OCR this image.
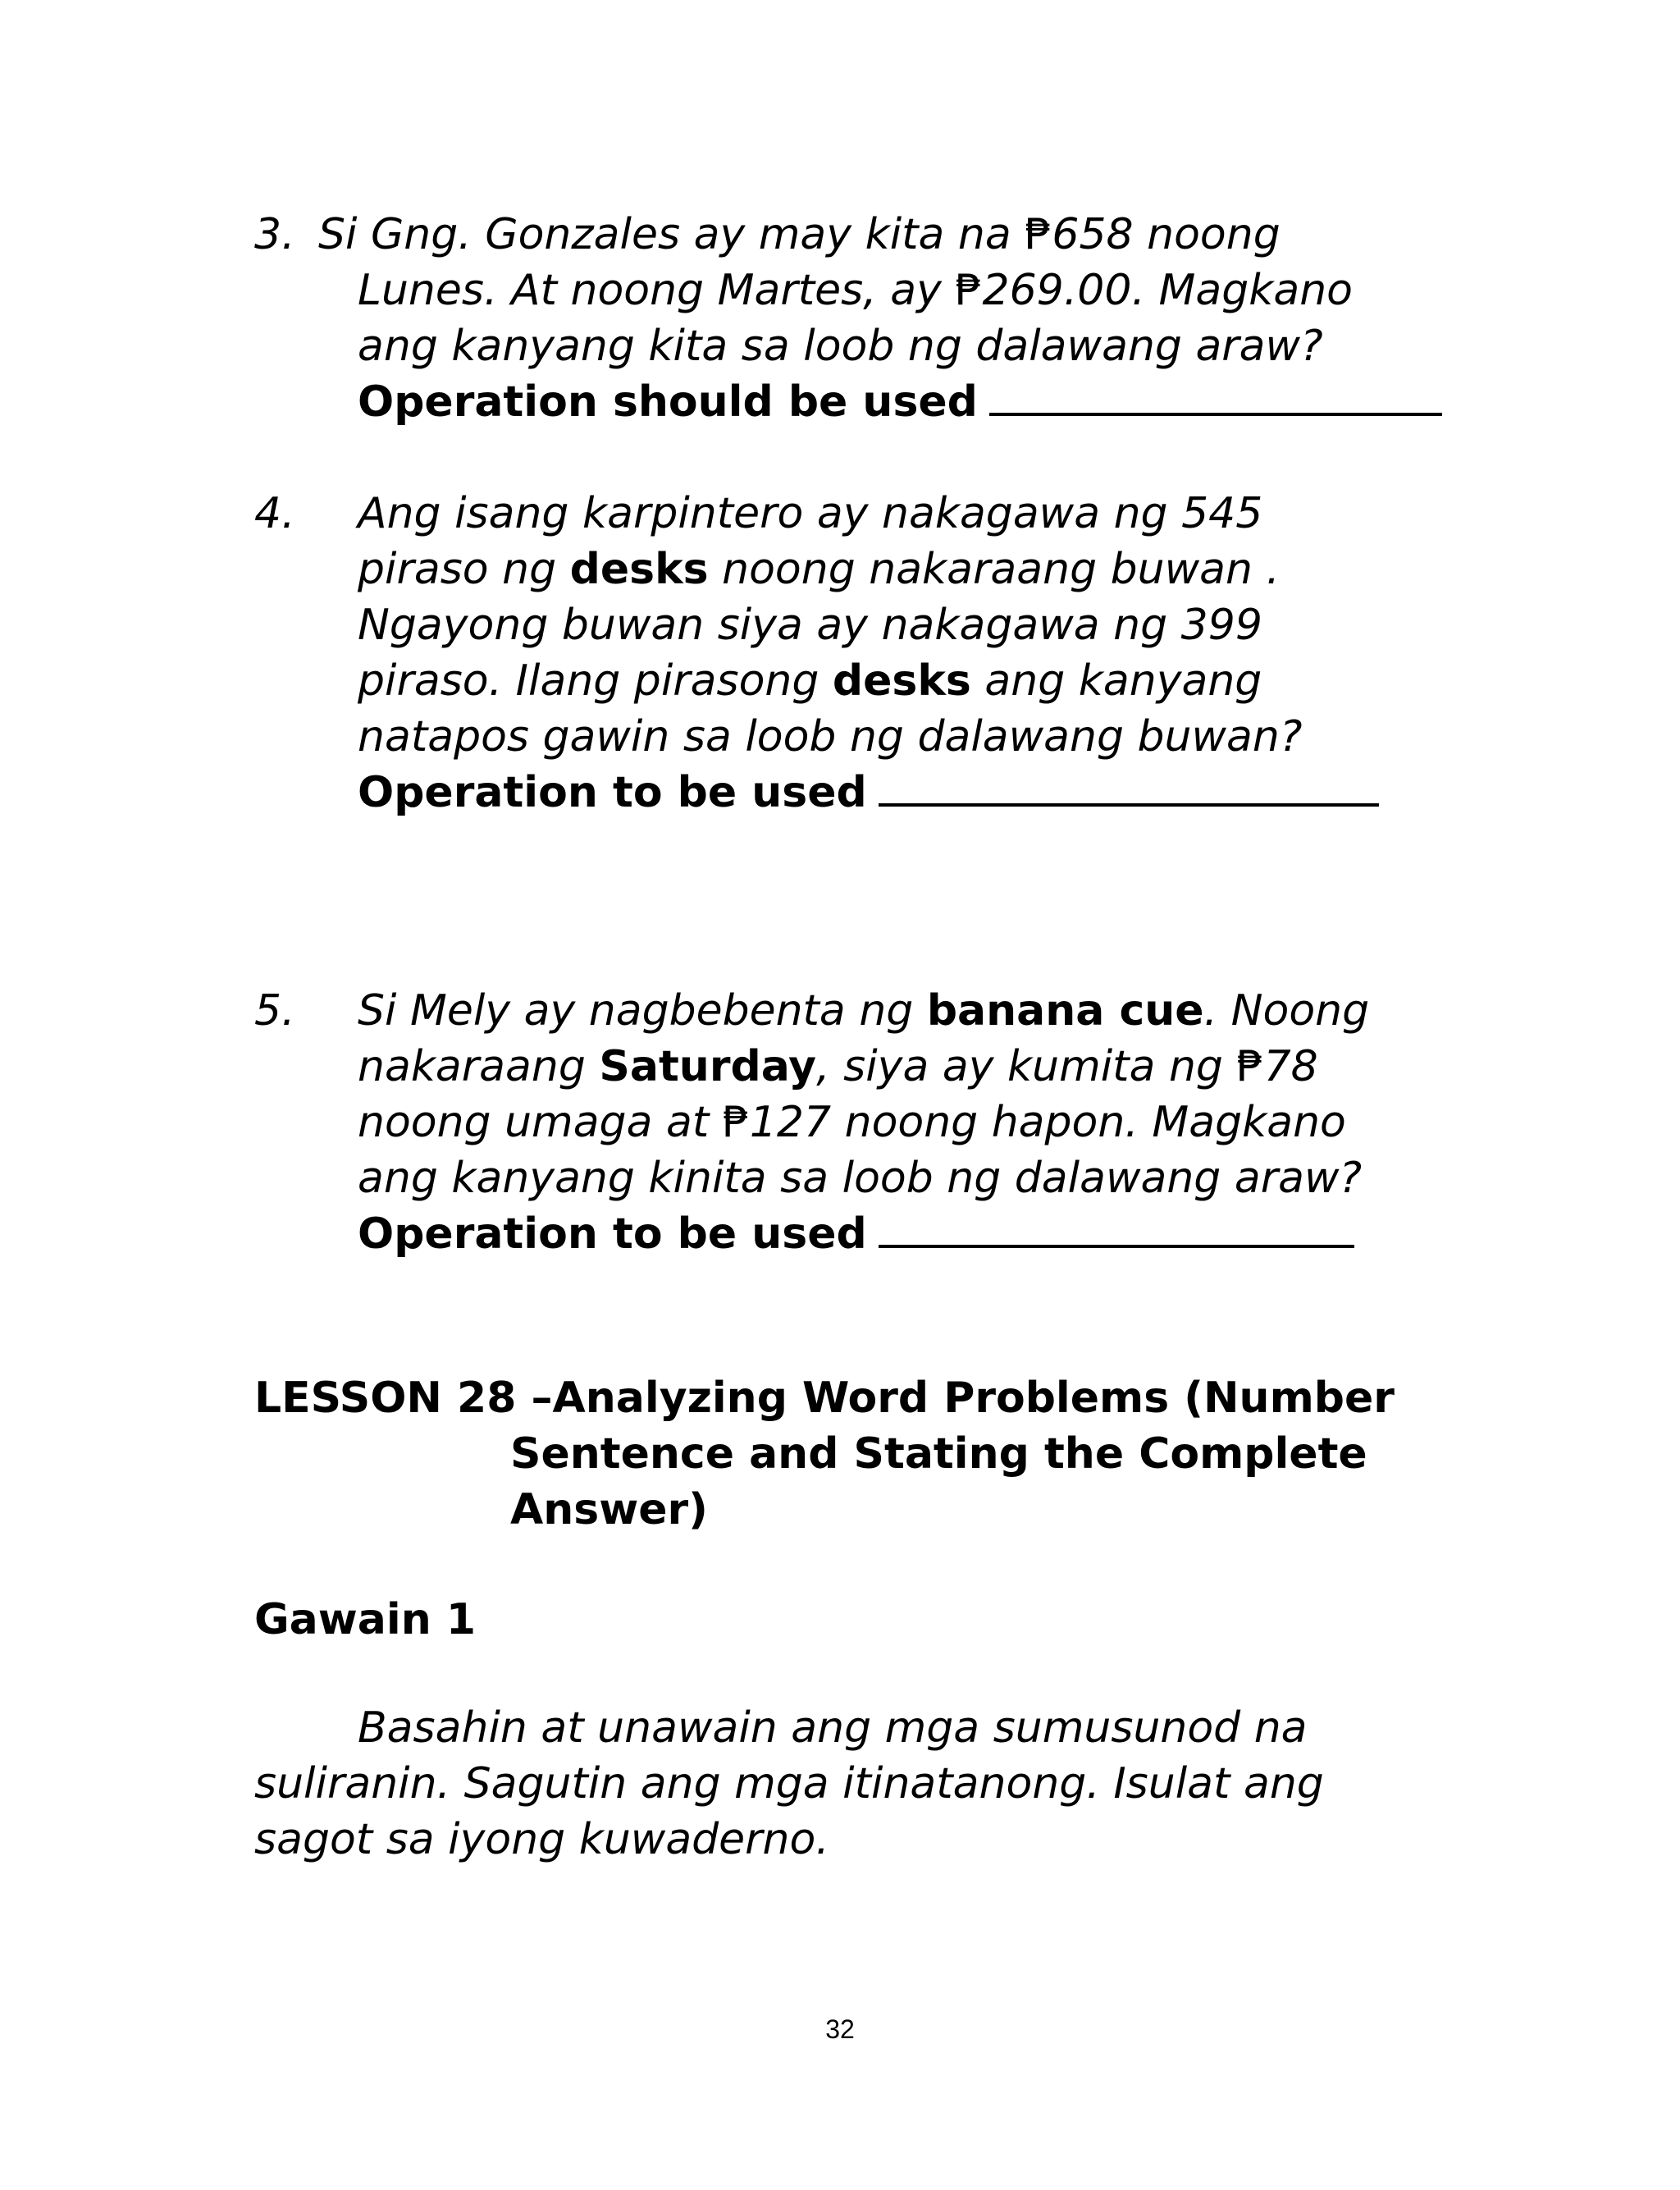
3. Si Gng. Gonzales ay may kita na ₱658 noong
Lunes. At noong Martes, ay ₱269.00. Magkano
ang kanyang kita sa loob ng dalawang araw?
Operation should be used
4. Ang isang karpintero ay nakagawa ng 545
piraso ng desks noong nakaraang buwan .
Ngayong buwan siya ay nakagawa ng 399
piraso. Ilang pirasong desks ang kanyang
natapos gawin sa loob ng dalawang buwan?
Operation to be used
5. Si Mely ay nagbebenta ng banana cue. Noong
nakaraang Saturday, siya ay kumita ng ₱78
noong umaga at ₱127 noong hapon. Magkano
ang kanyang kinita sa loob ng dalawang araw?
Operation to be used
LESSON 28 –Analyzing Word Problems (Number
Sentence and Stating the Complete
Answer)
Gawain 1
Basahin at unawain ang mga sumusunod na
suliranin. Sagutin ang mga itinatanong. Isulat ang
sagot sa iyong kuwaderno.
32
